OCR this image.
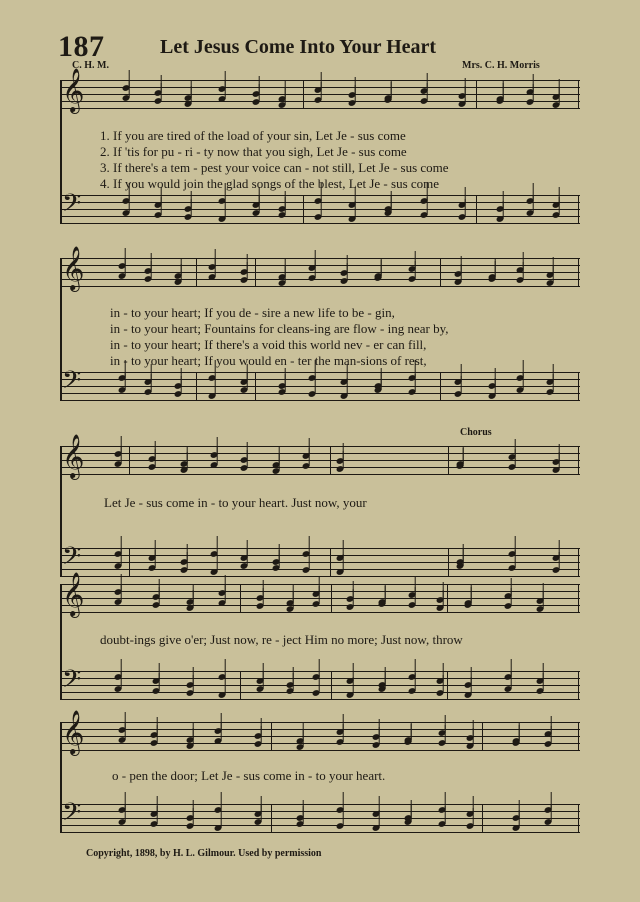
187	Let Jesus Come Into Your Heart
C. H. M.	Mrs. C. H. Morris
𝄞
𝄢
𝄞
𝄢
𝄞
𝄢
𝄞
𝄢
𝄞
𝄢
1. If you are tired of the load of your sin, Let Je - sus come
2. If 'tis for pu - ri - ty now that you sigh, Let Je - sus come
3. If there's a tem - pest your voice can - not still, Let Je - sus come
4. If you would join the glad songs of the blest, Let Je - sus come
in - to your heart; If you de - sire a new life to be - gin,
in - to your heart; Fountains for cleans-ing are flow - ing near by,
in - to your heart; If there's a void this world nev - er can fill,
in - to your heart; If you would en - ter the man-sions of rest,
Chorus
Let Je - sus come in - to your heart. Just now, your
doubt-ings give o'er; Just now, re - ject Him no more; Just now, throw
o - pen the door; Let Je - sus come in - to your heart.
Copyright, 1898, by H. L. Gilmour. Used by permission
